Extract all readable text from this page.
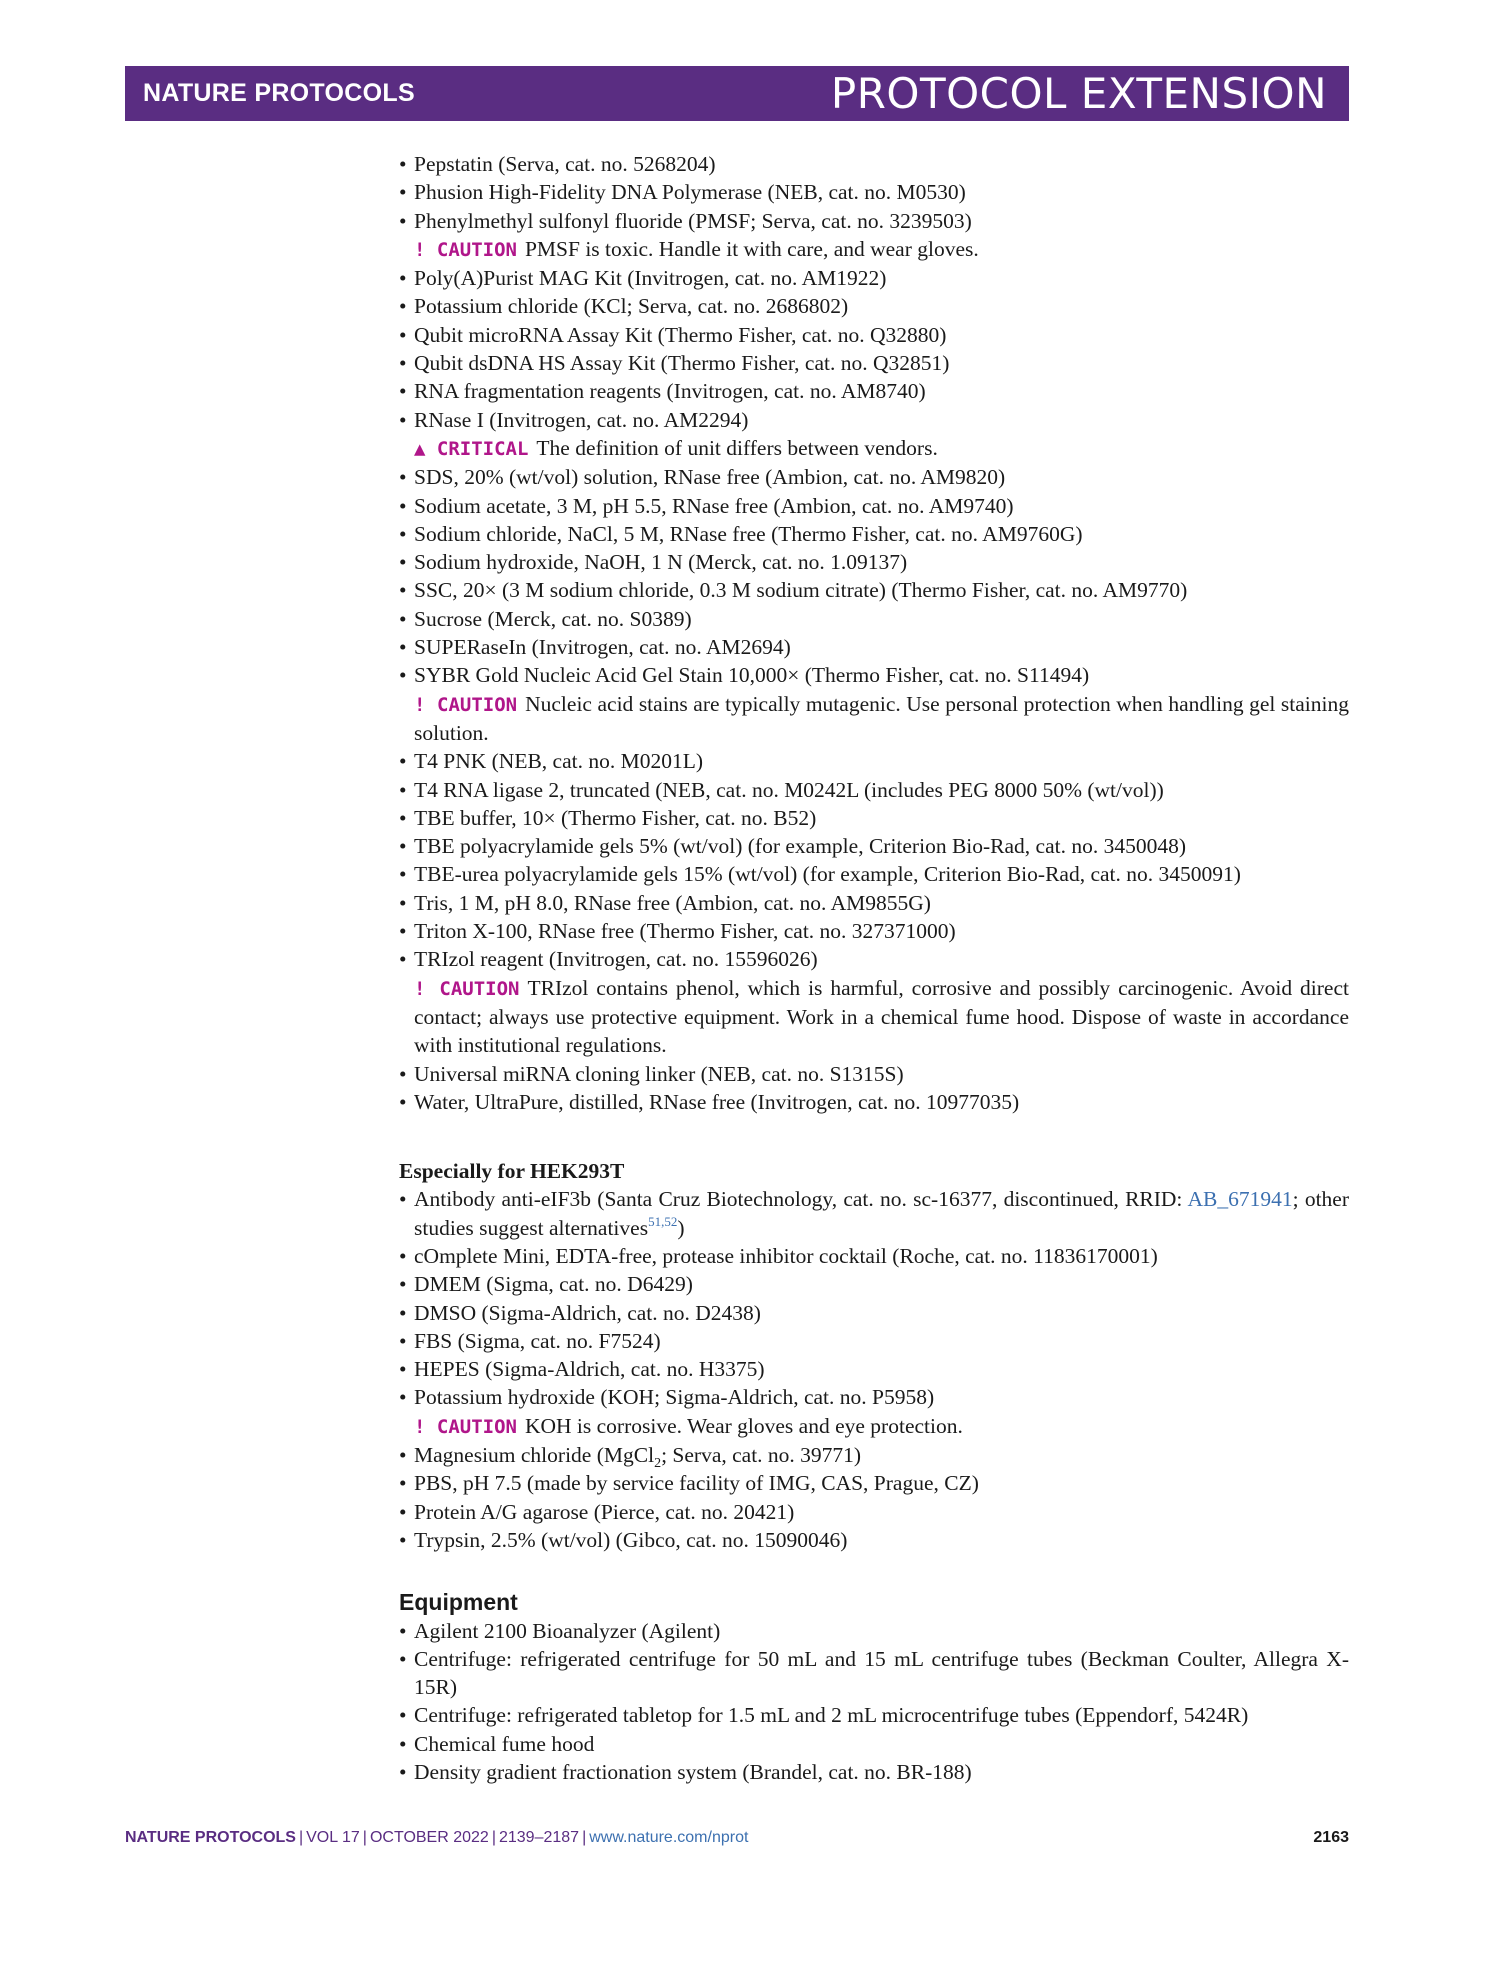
NATURE PROTOCOLS	PROTOCOL EXTENSION
• Pepstatin (Serva, cat. no. 5268204)
• Phusion High-Fidelity DNA Polymerase (NEB, cat. no. M0530)
• Phenylmethyl sulfonyl fluoride (PMSF; Serva, cat. no. 3239503)
! CAUTION PMSF is toxic. Handle it with care, and wear gloves.
• Poly(A)Purist MAG Kit (Invitrogen, cat. no. AM1922)
• Potassium chloride (KCl; Serva, cat. no. 2686802)
• Qubit microRNA Assay Kit (Thermo Fisher, cat. no. Q32880)
• Qubit dsDNA HS Assay Kit (Thermo Fisher, cat. no. Q32851)
• RNA fragmentation reagents (Invitrogen, cat. no. AM8740)
• RNase I (Invitrogen, cat. no. AM2294)
▲ CRITICAL The definition of unit differs between vendors.
• SDS, 20% (wt/vol) solution, RNase free (Ambion, cat. no. AM9820)
• Sodium acetate, 3 M, pH 5.5, RNase free (Ambion, cat. no. AM9740)
• Sodium chloride, NaCl, 5 M, RNase free (Thermo Fisher, cat. no. AM9760G)
• Sodium hydroxide, NaOH, 1 N (Merck, cat. no. 1.09137)
• SSC, 20× (3 M sodium chloride, 0.3 M sodium citrate) (Thermo Fisher, cat. no. AM9770)
• Sucrose (Merck, cat. no. S0389)
• SUPERaseIn (Invitrogen, cat. no. AM2694)
• SYBR Gold Nucleic Acid Gel Stain 10,000× (Thermo Fisher, cat. no. S11494)
! CAUTION Nucleic acid stains are typically mutagenic. Use personal protection when handling gel staining solution.
• T4 PNK (NEB, cat. no. M0201L)
• T4 RNA ligase 2, truncated (NEB, cat. no. M0242L (includes PEG 8000 50% (wt/vol))
• TBE buffer, 10× (Thermo Fisher, cat. no. B52)
• TBE polyacrylamide gels 5% (wt/vol) (for example, Criterion Bio-Rad, cat. no. 3450048)
• TBE-urea polyacrylamide gels 15% (wt/vol) (for example, Criterion Bio-Rad, cat. no. 3450091)
• Tris, 1 M, pH 8.0, RNase free (Ambion, cat. no. AM9855G)
• Triton X-100, RNase free (Thermo Fisher, cat. no. 327371000)
• TRIzol reagent (Invitrogen, cat. no. 15596026)
! CAUTION TRIzol contains phenol, which is harmful, corrosive and possibly carcinogenic. Avoid direct contact; always use protective equipment. Work in a chemical fume hood. Dispose of waste in accordance with institutional regulations.
• Universal miRNA cloning linker (NEB, cat. no. S1315S)
• Water, UltraPure, distilled, RNase free (Invitrogen, cat. no. 10977035)
Especially for HEK293T
• Antibody anti-eIF3b (Santa Cruz Biotechnology, cat. no. sc-16377, discontinued, RRID: AB_671941; other studies suggest alternatives$^{51,52}$)
• cOmplete Mini, EDTA-free, protease inhibitor cocktail (Roche, cat. no. 11836170001)
• DMEM (Sigma, cat. no. D6429)
• DMSO (Sigma-Aldrich, cat. no. D2438)
• FBS (Sigma, cat. no. F7524)
• HEPES (Sigma-Aldrich, cat. no. H3375)
• Potassium hydroxide (KOH; Sigma-Aldrich, cat. no. P5958)
! CAUTION KOH is corrosive. Wear gloves and eye protection.
• Magnesium chloride (MgCl$_2$; Serva, cat. no. 39771)
• PBS, pH 7.5 (made by service facility of IMG, CAS, Prague, CZ)
• Protein A/G agarose (Pierce, cat. no. 20421)
• Trypsin, 2.5% (wt/vol) (Gibco, cat. no. 15090046)
Equipment
• Agilent 2100 Bioanalyzer (Agilent)
• Centrifuge: refrigerated centrifuge for 50 mL and 15 mL centrifuge tubes (Beckman Coulter, Allegra X-15R)
• Centrifuge: refrigerated tabletop for 1.5 mL and 2 mL microcentrifuge tubes (Eppendorf, 5424R)
• Chemical fume hood
• Density gradient fractionation system (Brandel, cat. no. BR-188)
NATURE PROTOCOLS | VOL 17 | OCTOBER 2022 | 2139–2187 | www.nature.com/nprot	2163
